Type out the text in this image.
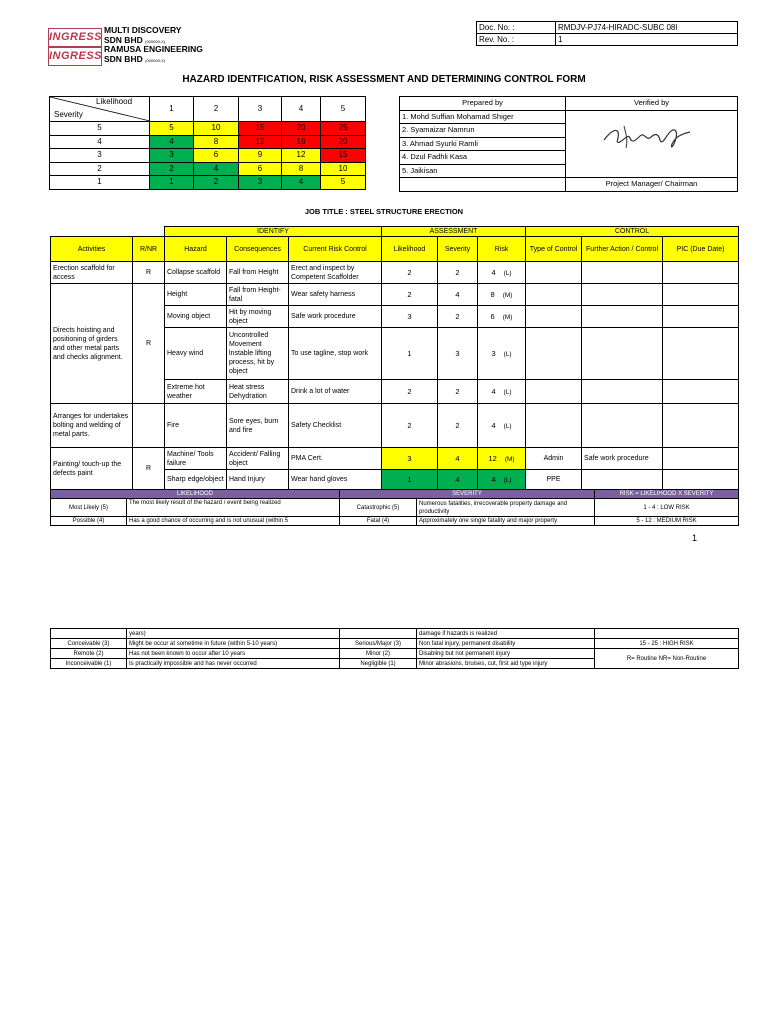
INGRESS
MULTI DISCOVERY
SDN BHD (000000-X)
INGRESS
RAMUSA ENGINEERING
SDN BHD (000000-X)
Doc. No. :	RMDJV-PJ74-HIRADC-SUBC 08l
Rev. No. :	1
HAZARD IDENTFICATION, RISK ASSESSMENT AND DETERMINING CONTROL FORM
Likelihood
Severity	1	2	3	4	5
5	5	10	15	20	25
4	4	8	12	16	20
3	3	6	9	12	15
2	2	4	6	8	10
1	1	2	3	4	5
Prepared by	Verified by
1. Mohd Suffian Mohamad Shiger	
2. Syamaizar Namrun	
3. Ahmad Syurki Ramli	
4. Dzul Fadhli Kasa	
5. Jaikisan	
	Project Manager/ Chairman
JOB TITLE : STEEL STRUCTURE ERECTION
		IDENTIFY			ASSESSMENT			CONTROL		
Activities	R/NR	Hazard	Consequences	Current Risk Control	Likelihood	Severity	Risk	Type of Control	Further Action / Control	PIC (Due Date)
Erection scaffold for access	R	Collapse scaffold	Fall from Height	Erect and inspect by Competent Scaffolder	2	2	4 (L)			
Directs hoisting and positioning of girders and other metal parts and checks alignment.	R	Height	Fall from Height-fatal	Wear safety harness	2	4	8 (M)			
		Moving object	Hit by moving object	Safe work procedure	3	2	6 (M)			
		Heavy wind	Uncontrolled Movement lnstable lifting process, hit by object	To use tagline, stop work	1	3	3 (L)			
		Extreme hot weather	Heat stress Dehydration	Drink a lot of water	2	2	4 (L)			
Arranges for undertakes bolting and welding of metal parts.		Fire	Sore eyes, burn and fire	Safety Checklist	2	2	4 (L)			
Painting/ touch-up the defects paint	R	Machine/ Tools failure	Accident/ Falling object	PMA Cert.	3	4	12 (M)	Admin	Safe work procedure	
		Sharp edge/object	Hand Injury	Wear hand gloves	1	4	4 (L)	PPE		
LIKELIHOOD		SEVERITY		RISK = LIKELIHOOD X SEVERITY
Most Likely (5)	The most likely result of the hazard / event being realized	Catastrophic (5)	Numerous fatalities, irrecoverable property damage and productivity	1 - 4 : LOW RISK
Possible (4)	Has a good chance of occurring and is not unusual (within 5	Fatal (4)	Approximately one single fatality and major property	5 - 12 : MEDIUM RISK
1
	years)		damage if hazards is realized	
Conceivable (3)	Might be occur at sometime in future (within 5-10 years)	Serious/Major (3)	Non fatal injury, permanent disability	15 - 25 : HIGH RISK
Remote (2)	Has not been known to occur after 10 years	Minor (2)	Disabling but not permanent injury	R= Routine NR= Non-Routine
Inconceivable (1)	Is practically impossible and has never occurred	Negligible (1)	Minor abrasions, bruises, cut, first aid type injury	
